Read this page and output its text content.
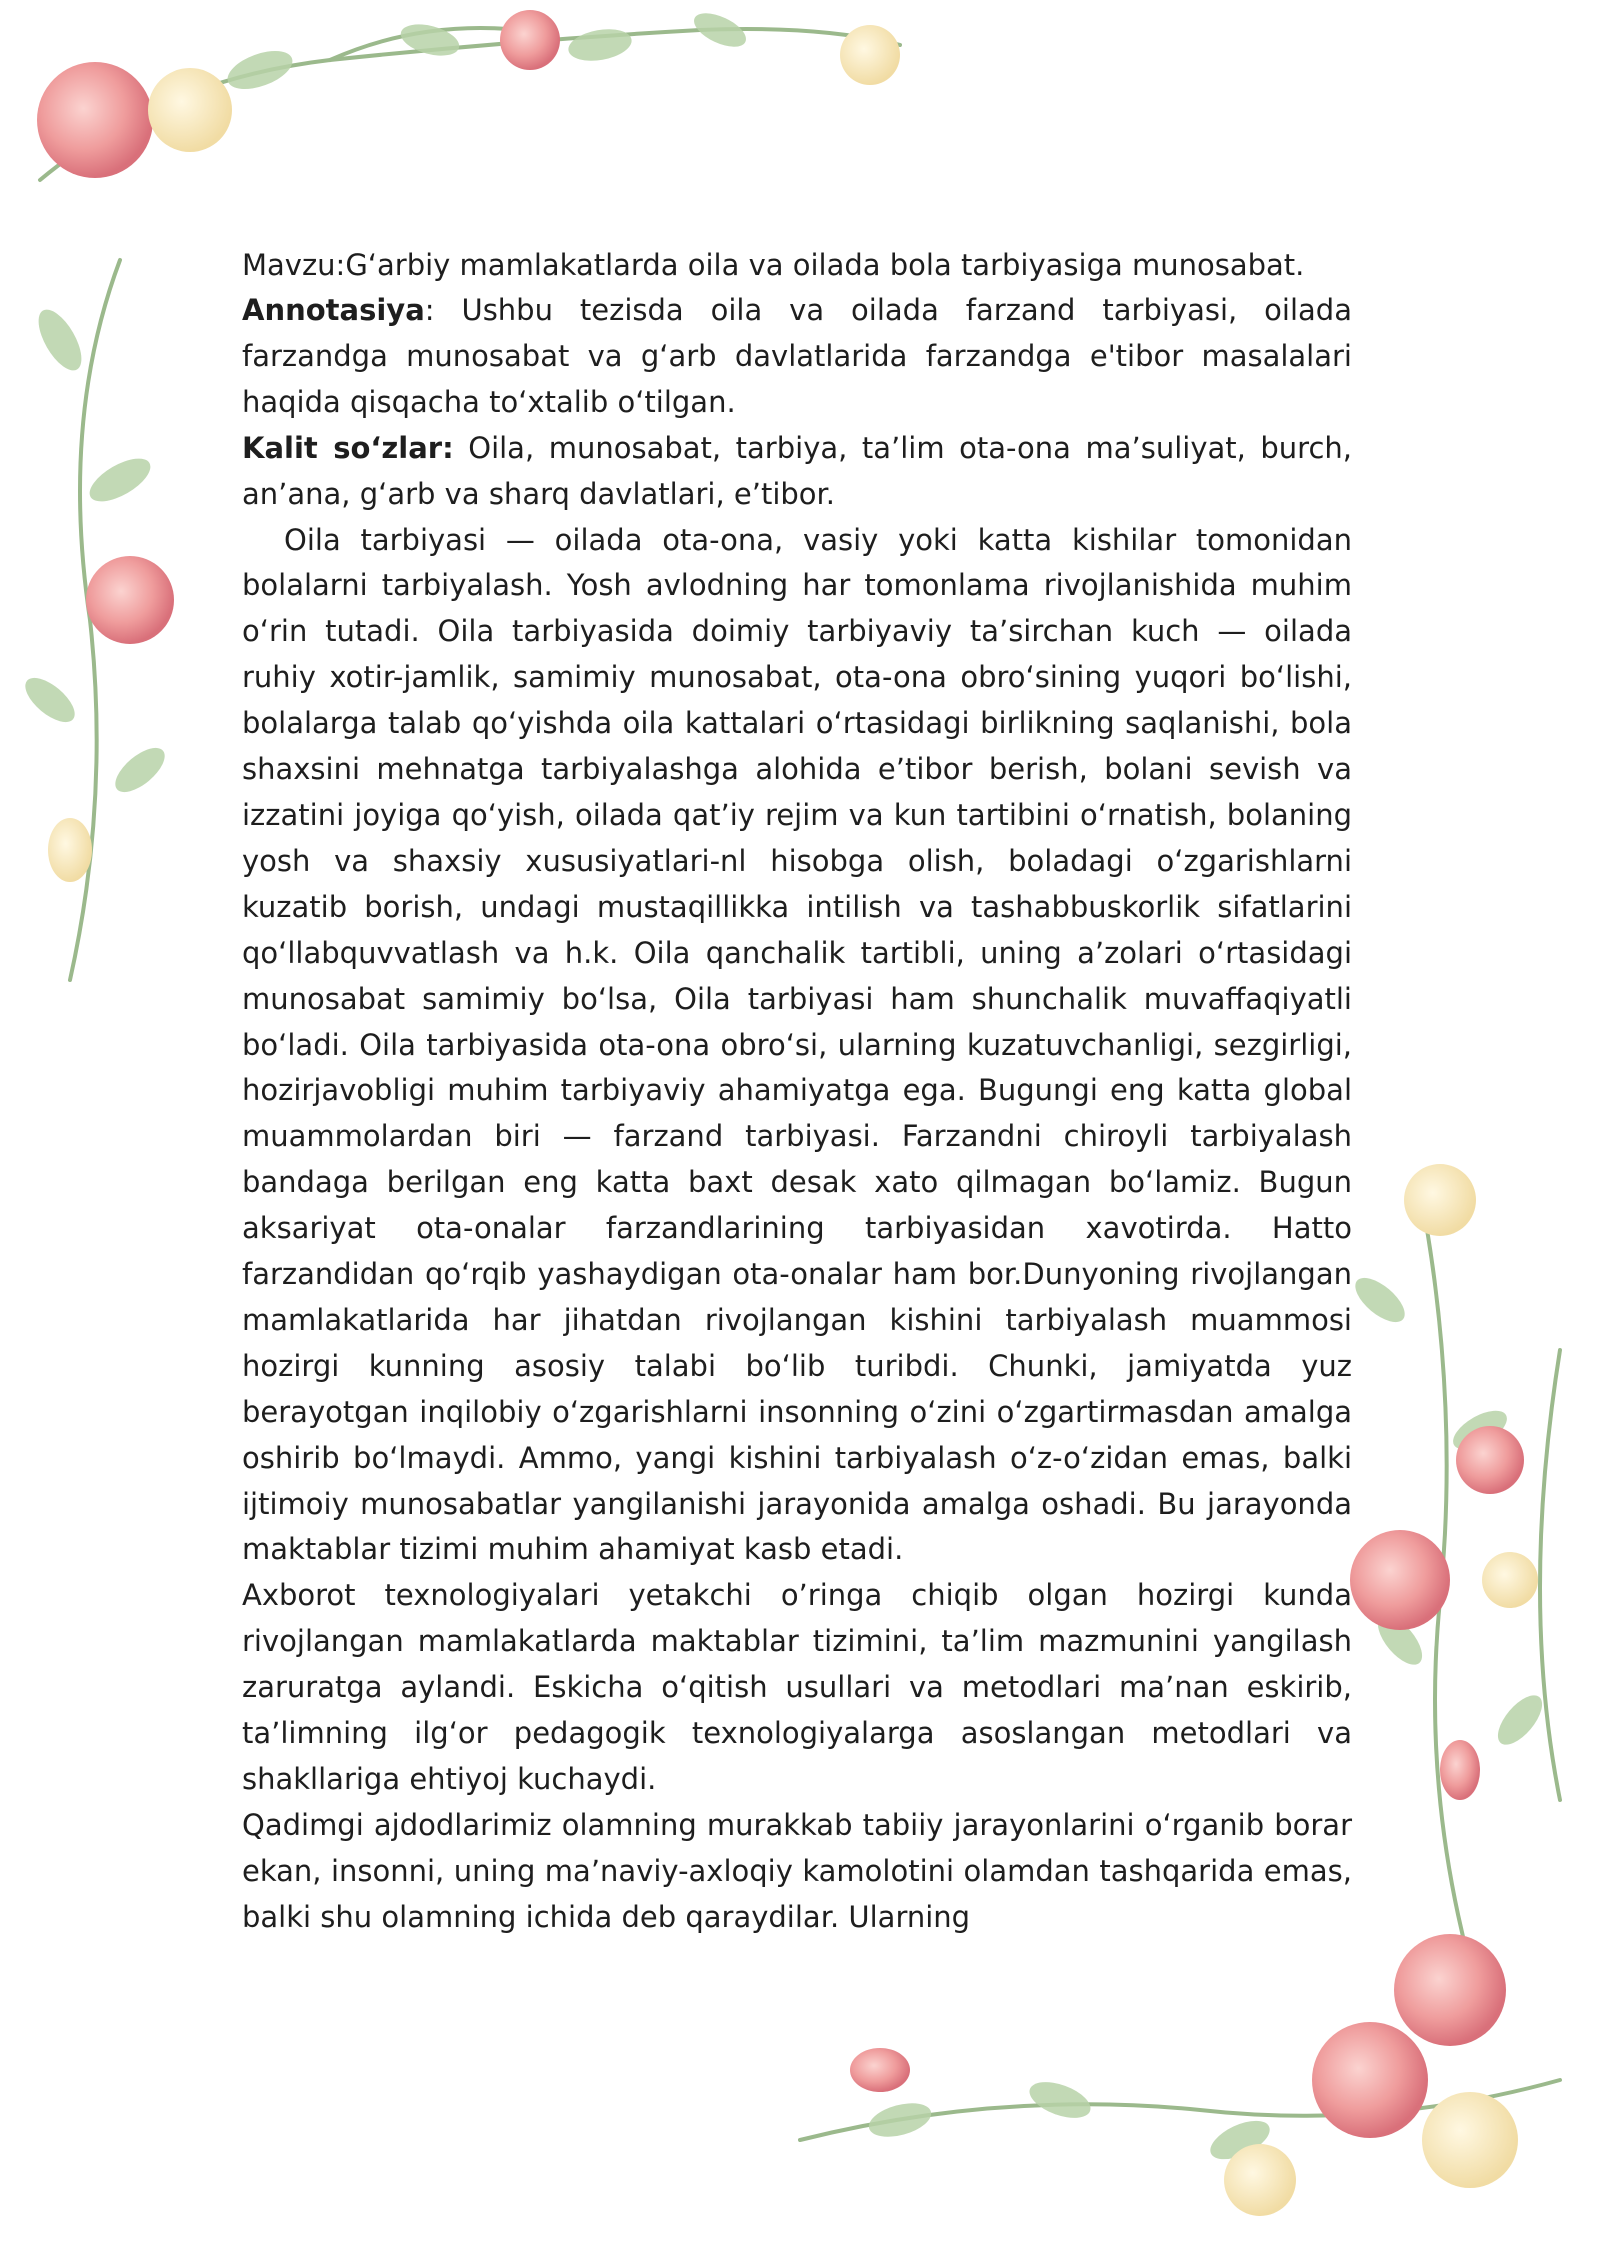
Mavzu:Gʻarbiy mamlakatlarda oila va oilada bola tarbiyasiga munosabat.

Annotasiya: Ushbu tezisda oila va oilada farzand tarbiyasi, oilada farzandga munosabat va gʻarb davlatlarida farzandga e'tibor masalalari haqida qisqacha toʻxtalib oʻtilgan.

Kalit soʻzlar: Oila, munosabat, tarbiya, ta’lim ota-ona ma’suliyat, burch, an’ana, gʻarb va sharq davlatlari, e’tibor.

Oila tarbiyasi — oilada ota-ona, vasiy yoki katta kishilar tomonidan bolalarni tarbiyalash. Yosh avlodning har tomonlama rivojlanishida muhim oʻrin tutadi. Oila tarbiyasida doimiy tarbiyaviy ta’sirchan kuch — oilada ruhiy xotir-jamlik, samimiy munosabat, ota-ona obroʻsining yuqori boʻlishi, bolalarga talab qoʻyishda oila kattalari oʻrtasidagi birlikning saqlanishi, bola shaxsini mehnatga tarbiyalashga alohida e’tibor berish, bolani sevish va izzatini joyiga qoʻyish, oilada qat’iy rejim va kun tartibini oʻrnatish, bolaning yosh va shaxsiy xususiyatlari-nl hisobga olish, boladagi oʻzgarishlarni kuzatib borish, undagi mustaqillikka intilish va tashabbuskorlik sifatlarini qoʻllabquvvatlash va h.k. Oila qanchalik tartibli, uning a’zolari oʻrtasidagi munosabat samimiy boʻlsa, Oila tarbiyasi ham shunchalik muvaffaqiyatli boʻladi. Oila tarbiyasida ota-ona obroʻsi, ularning kuzatuvchanligi, sezgirligi, hozirjavobligi muhim tarbiyaviy ahamiyatga ega. Bugungi eng katta global muammolardan biri — farzand tarbiyasi. Farzandni chiroyli tarbiyalash bandaga berilgan eng katta baxt desak xato qilmagan boʻlamiz. Bugun aksariyat ota-onalar farzandlarining tarbiyasidan xavotirda. Hatto farzandidan qoʻrqib yashaydigan ota-onalar ham bor.Dunyoning rivojlangan mamlakatlarida har jihatdan rivojlangan kishini tarbiyalash muammosi hozirgi kunning asosiy talabi boʻlib turibdi. Chunki, jamiyatda yuz berayotgan inqilobiy oʻzgarishlarni insonning oʻzini oʻzgartirmasdan amalga oshirib boʻlmaydi. Ammo, yangi kishini tarbiyalash oʻz-oʻzidan emas, balki ijtimoiy munosabatlar yangilanishi jarayonida amalga oshadi. Bu jarayonda maktablar tizimi muhim ahamiyat kasb etadi.

Axborot texnologiyalari yetakchi o’ringa chiqib olgan hozirgi kunda rivojlangan mamlakatlarda maktablar tizimini, ta’lim mazmunini yangilash zaruratga aylandi. Eskicha oʻqitish usullari va metodlari ma’nan eskirib, ta’limning ilgʻor pedagogik texnologiyalarga asoslangan metodlari va shakllariga ehtiyoj kuchaydi.

Qadimgi ajdodlarimiz olamning murakkab tabiiy jarayonlarini oʻrganib borar ekan, insonni, uning ma’naviy-axloqiy kamolotini olamdan tashqarida emas, balki shu olamning ichida deb qaraydilar. Ularning
